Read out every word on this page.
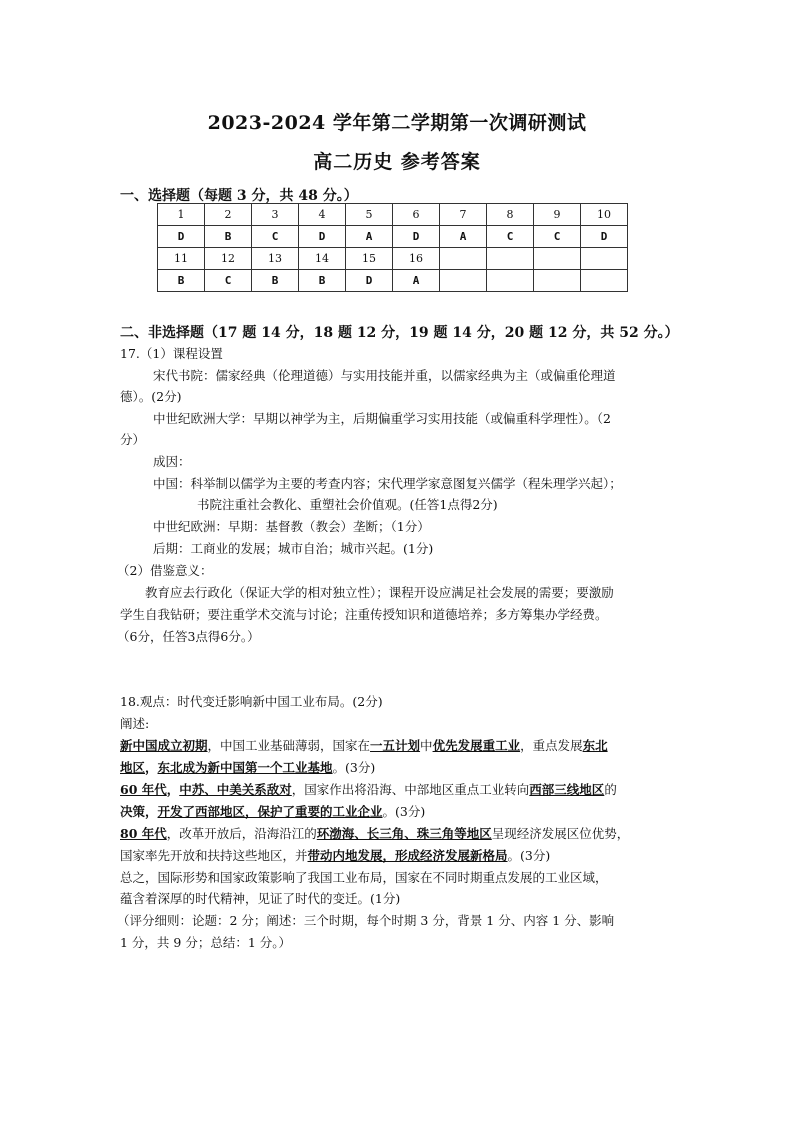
2023-2024 学年第二学期第一次调研测试
高二历史 参考答案
一、选择题（每题 3 分，共 48 分。）
1	2	3	4	5	6	7	8	9	10
D	B	C	D	A	D	A	C	C	D
11	12	13	14	15	16				
B	C	B	B	D	A				
二、非选择题（17 题 14 分，18 题 12 分，19 题 14 分，20 题 12 分，共 52 分。）
17.（1）课程设置
宋代书院：儒家经典（伦理道德）与实用技能并重，以儒家经典为主（或偏重伦理道
德）。(2分)
中世纪欧洲大学：早期以神学为主，后期偏重学习实用技能（或偏重科学理性）。（2
分）
成因：
中国：科举制以儒学为主要的考查内容；宋代理学家意图复兴儒学（程朱理学兴起）；
书院注重社会教化、重塑社会价值观。(任答1点得2分)
中世纪欧洲：早期：基督教（教会）垄断；（1分）
后期：工商业的发展；城市自治；城市兴起。(1分)
（2）借鉴意义：
教育应去行政化（保证大学的相对独立性）；课程开设应满足社会发展的需要；要激励
学生自我钻研；要注重学术交流与讨论；注重传授知识和道德培养；多方筹集办学经费。
（6分，任答3点得6分。）
18.观点：时代变迁影响新中国工业布局。(2分)
阐述:
新中国成立初期，中国工业基础薄弱，国家在一五计划中优先发展重工业，重点发展东北
地区，东北成为新中国第一个工业基地。(3分)
60 年代，中苏、中美关系敌对，国家作出将沿海、中部地区重点工业转向西部三线地区的
决策，开发了西部地区，保护了重要的工业企业。(3分)
80 年代，改革开放后，沿海沿江的环渤海、长三角、珠三角等地区呈现经济发展区位优势，
国家率先开放和扶持这些地区，并带动内地发展，形成经济发展新格局。(3分)
总之，国际形势和国家政策影响了我国工业布局，国家在不同时期重点发展的工业区域，
蕴含着深厚的时代精神，见证了时代的变迁。(1分)
（评分细则：论题：2 分；阐述：三个时期，每个时期 3 分，背景 1 分、内容 1 分、影响
1 分，共 9 分；总结：1 分。）
